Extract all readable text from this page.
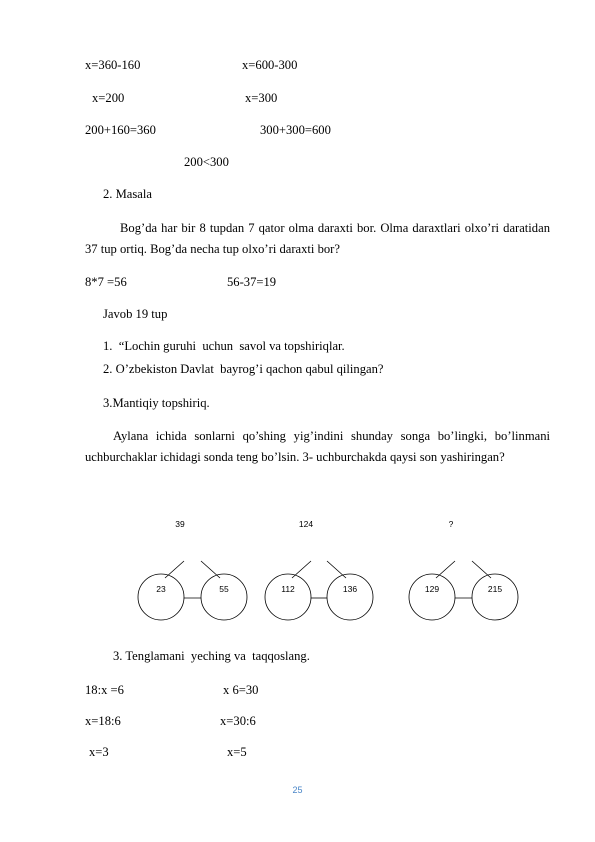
x=360-160	x=600-300
x=200	x=300
200+160=360	300+300=600
200<300
2. Masala
Bog’da har bir 8 tupdan 7 qator olma daraxti bor. Olma daraxtlari olxo’ri daratidan 37 tup ortiq. Bog’da necha tup olxo’ri daraxti bor?
8*7 =56	56-37=19
Javob 19 tup
1.  “Lochin guruhi  uchun  savol va topshiriqlar.
2. O’zbekiston Davlat  bayrog’i qachon qabul qilingan?
3.Mantiqiy topshiriq.
Aylana ichida sonlarni qo’shing yig’indini shunday songa bo’lingki, bo’linmani uchburchaklar ichidagi sonda teng bo’lsin. 3- uchburchakda qaysi son yashiringan?
39
23	55
124
112	136
?
129	215
3. Tenglamani  yeching va  taqqoslang.
18:x =6	x 6=30
x=18:6	x=30:6
x=3	x=5
25
